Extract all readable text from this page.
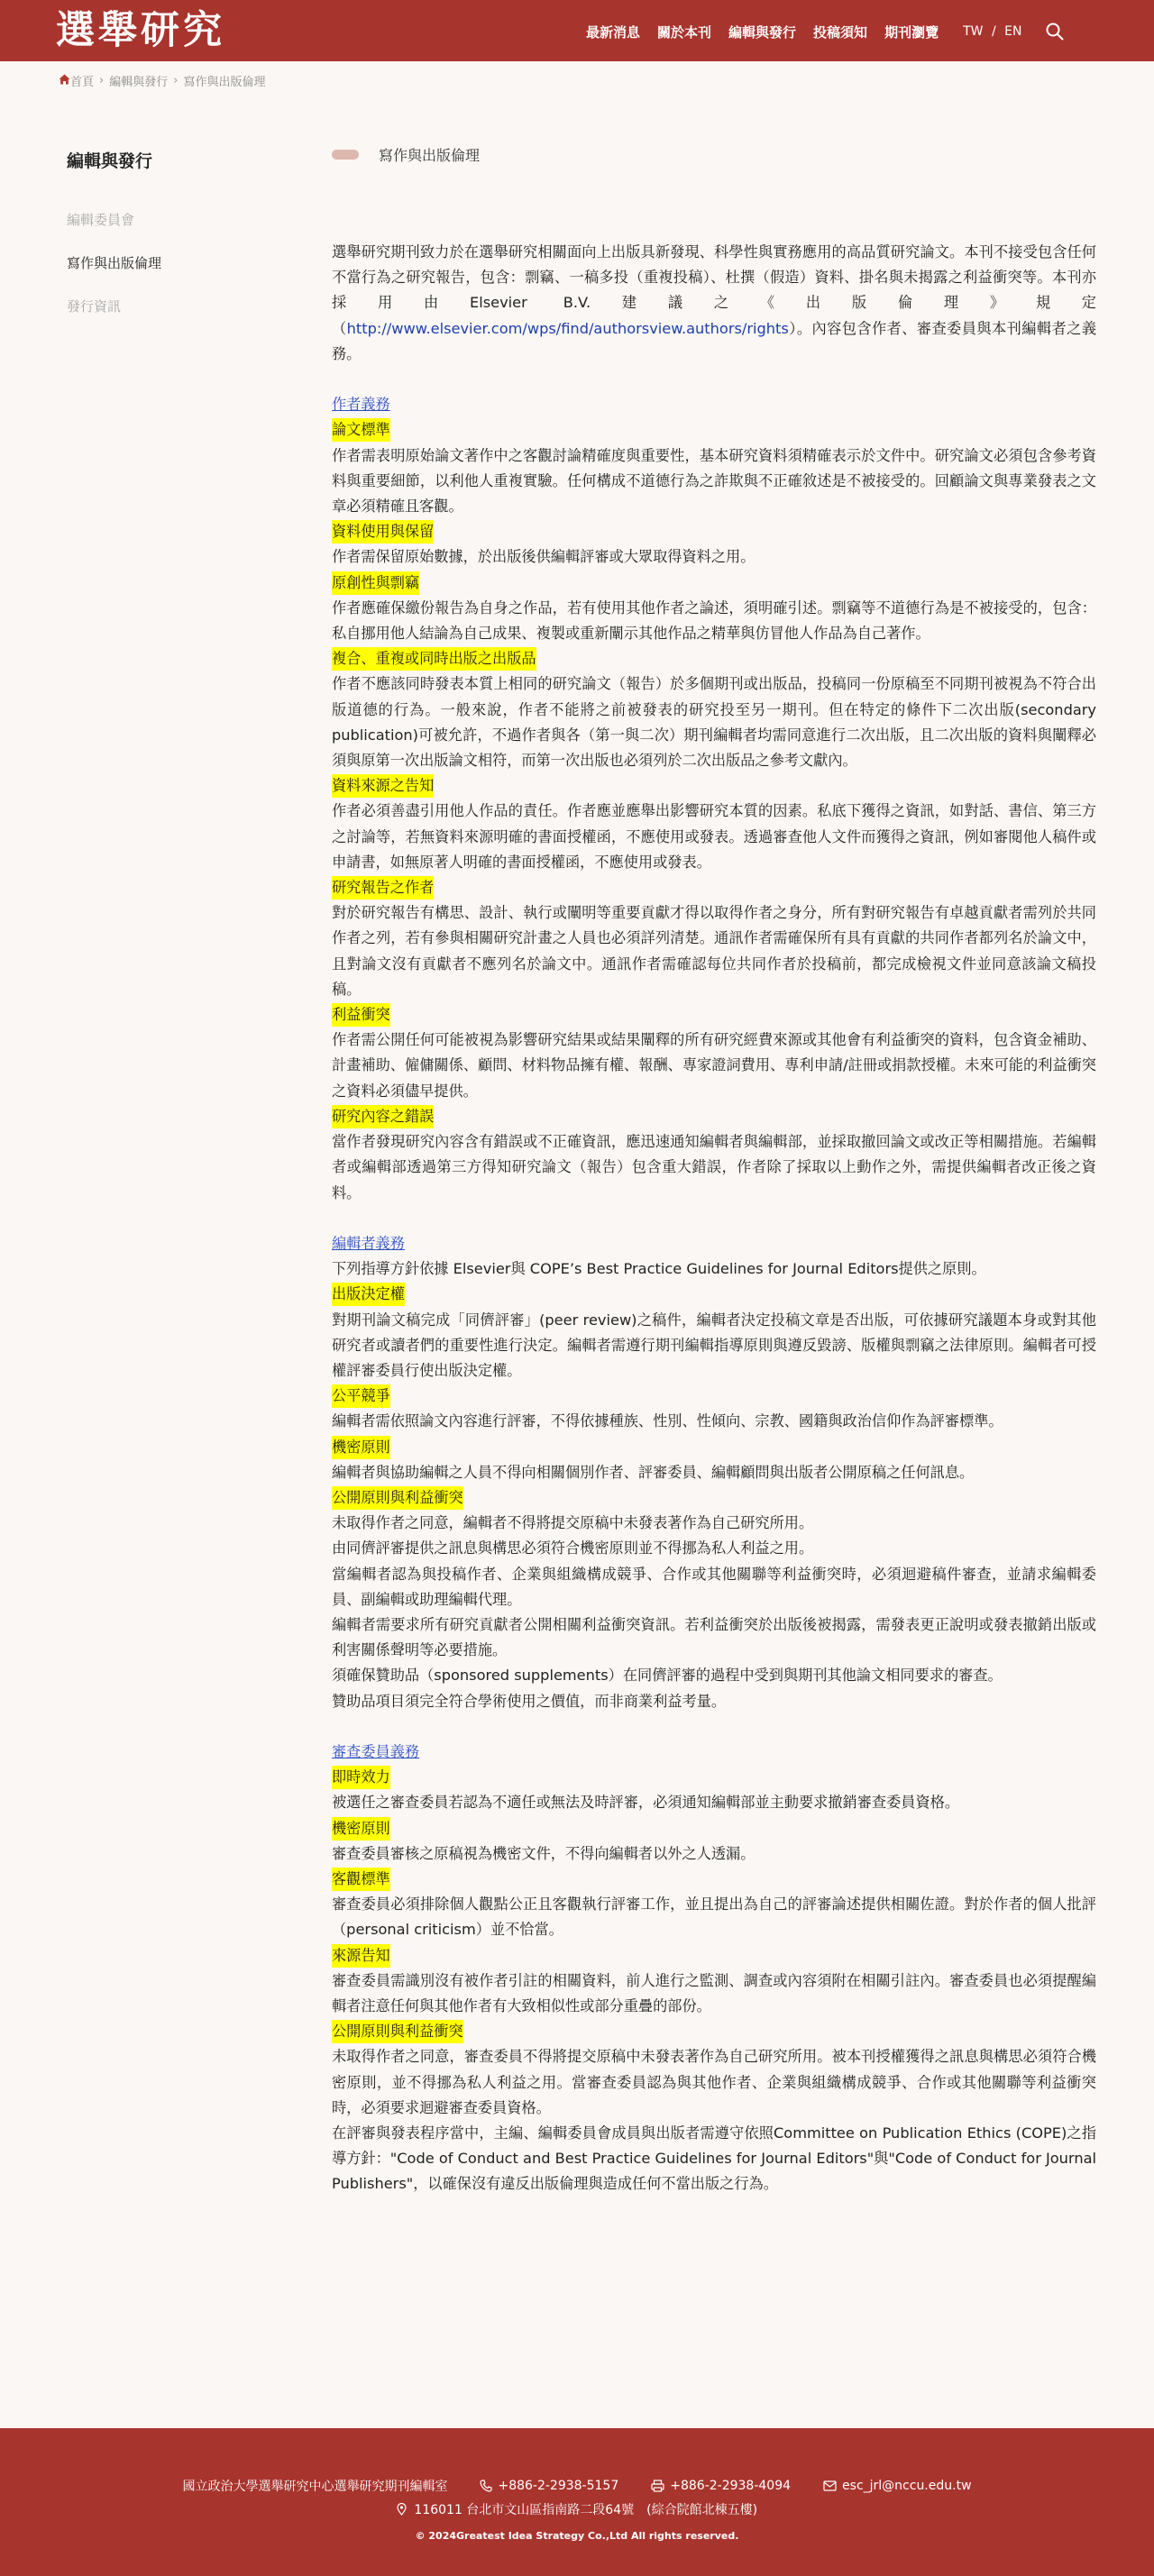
選舉研究	最新消息 關於本刊 編輯與發行 投稿須知 期刊瀏覽 TW / EN
首頁 › 編輯與發行 › 寫作與出版倫理
編輯與發行
編輯委員會
寫作與出版倫理
發行資訊
寫作與出版倫理

選舉研究期刊致力於在選舉研究相關面向上出版具新發現、科學性與實務應用的高品質研究論文。本刊不接受包含任何不當行為之研究報告，包含：剽竊、一稿多投（重複投稿）、杜撰（假造）資料、掛名與未揭露之利益衝突等。本刊亦採用由Elsevier B.V.建議之《出版倫理》規定（http://www.elsevier.com/wps/find/authorsview.authors/rights）。內容包含作者、審查委員與本刊編輯者之義務。

作者義務
論文標準

作者需表明原始論文著作中之客觀討論精確度與重要性，基本研究資料須精確表示於文件中。研究論文必須包含參考資料與重要細節，以利他人重複實驗。任何構成不道德行為之詐欺與不正確敘述是不被接受的。回顧論文與專業發表之文章必須精確且客觀。

資料使用與保留

作者需保留原始數據，於出版後供編輯評審或大眾取得資料之用。

原創性與剽竊

作者應確保繳份報告為自身之作品，若有使用其他作者之論述，須明確引述。剽竊等不道德行為是不被接受的，包含：私自挪用他人結論為自己成果、複製或重新闡示其他作品之精華與仿冒他人作品為自己著作。

複合、重複或同時出版之出版品

作者不應該同時發表本質上相同的研究論文（報告）於多個期刊或出版品，投稿同一份原稿至不同期刊被視為不符合出版道德的行為。一般來說，作者不能將之前被發表的研究投至另一期刊。但在特定的條件下二次出版(secondary publication)可被允許，不過作者與各（第一與二次）期刊編輯者均需同意進行二次出版，且二次出版的資料與闡釋必須與原第一次出版論文相符，而第一次出版也必須列於二次出版品之參考文獻內。

資料來源之告知

作者必須善盡引用他人作品的責任。作者應並應舉出影響研究本質的因素。私底下獲得之資訊，如對話、書信、第三方之討論等，若無資料來源明確的書面授權函，不應使用或發表。透過審查他人文件而獲得之資訊，例如審閱他人稿件或申請書，如無原著人明確的書面授權函，不應使用或發表。

研究報告之作者

對於研究報告有構思、設計、執行或闡明等重要貢獻才得以取得作者之身分，所有對研究報告有卓越貢獻者需列於共同作者之列，若有參與相關研究計畫之人員也必須詳列清楚。通訊作者需確保所有具有貢獻的共同作者都列名於論文中，且對論文沒有貢獻者不應列名於論文中。通訊作者需確認每位共同作者於投稿前，都完成檢視文件並同意該論文稿投稿。

利益衝突

作者需公開任何可能被視為影響研究結果或結果闡釋的所有研究經費來源或其他會有利益衝突的資料，包含資金補助、計畫補助、僱傭關係、顧問、材料物品擁有權、報酬、專家證詞費用、專利申請/註冊或捐款授權。未來可能的利益衝突之資料必須儘早提供。

研究內容之錯誤

當作者發現研究內容含有錯誤或不正確資訊，應迅速通知編輯者與編輯部，並採取撤回論文或改正等相關措施。若編輯者或編輯部透過第三方得知研究論文（報告）包含重大錯誤，作者除了採取以上動作之外，需提供編輯者改正後之資料。

編輯者義務

下列指導方針依據 Elsevier與 COPE’s Best Practice Guidelines for Journal Editors提供之原則。

出版決定權

對期刊論文稿完成「同儕評審」(peer review)之稿件，編輯者決定投稿文章是否出版，可依據研究議題本身或對其他研究者或讀者們的重要性進行決定。編輯者需遵行期刊編輯指導原則與遵反毀謗、版權與剽竊之法律原則。編輯者可授權評審委員行使出版決定權。

公平競爭

編輯者需依照論文內容進行評審，不得依據種族、性別、性傾向、宗教、國籍與政治信仰作為評審標準。

機密原則

編輯者與協助編輯之人員不得向相關個別作者、評審委員、編輯顧問與出版者公開原稿之任何訊息。

公開原則與利益衝突

未取得作者之同意，編輯者不得將提交原稿中未發表著作為自己研究所用。

由同儕評審提供之訊息與構思必須符合機密原則並不得挪為私人利益之用。

當編輯者認為與投稿作者、企業與組織構成競爭、合作或其他關聯等利益衝突時，必須迴避稿件審查，並請求編輯委員、副編輯或助理編輯代理。

編輯者需要求所有研究貢獻者公開相關利益衝突資訊。若利益衝突於出版後被揭露，需發表更正說明或發表撤銷出版或利害關係聲明等必要措施。

須確保贊助品（sponsored supplements）在同儕評審的過程中受到與期刊其他論文相同要求的審查。

贊助品項目須完全符合學術使用之價值，而非商業利益考量。

審查委員義務
即時效力

被選任之審查委員若認為不適任或無法及時評審，必須通知編輯部並主動要求撤銷審查委員資格。

機密原則

審查委員審核之原稿視為機密文件，不得向編輯者以外之人透漏。

客觀標準

審查委員必須排除個人觀點公正且客觀執行評審工作，並且提出為自己的評審論述提供相關佐證。對於作者的個人批評（personal criticism）並不恰當。

來源告知

審查委員需識別沒有被作者引註的相關資料，前人進行之監測、調查或內容須附在相關引註內。審查委員也必須提醒編輯者注意任何與其他作者有大致相似性或部分重疊的部份。

公開原則與利益衝突

未取得作者之同意，審查委員不得將提交原稿中未發表著作為自己研究所用。被本刊授權獲得之訊息與構思必須符合機密原則，並不得挪為私人利益之用。當審查委員認為與其他作者、企業與組織構成競爭、合作或其他關聯等利益衝突時，必須要求迴避審查委員資格。

在評審與發表程序當中，主編、編輯委員會成員與出版者需遵守依照Committee on Publication Ethics (COPE)之指導方針："Code of Conduct and Best Practice Guidelines for Journal Editors"與"Code of Conduct for Journal Publishers"，以確保沒有違反出版倫理與造成任何不當出版之行為。

國立政治大學選舉研究中心選舉研究期刊編輯室	+886-2-2938-5157	+886-2-2938-4094	esc_jrl@nccu.edu.tw
116011 台北市文山區指南路二段64號　(綜合院館北棟五樓)
© 2024Greatest Idea Strategy Co.,Ltd All rights reserved.
